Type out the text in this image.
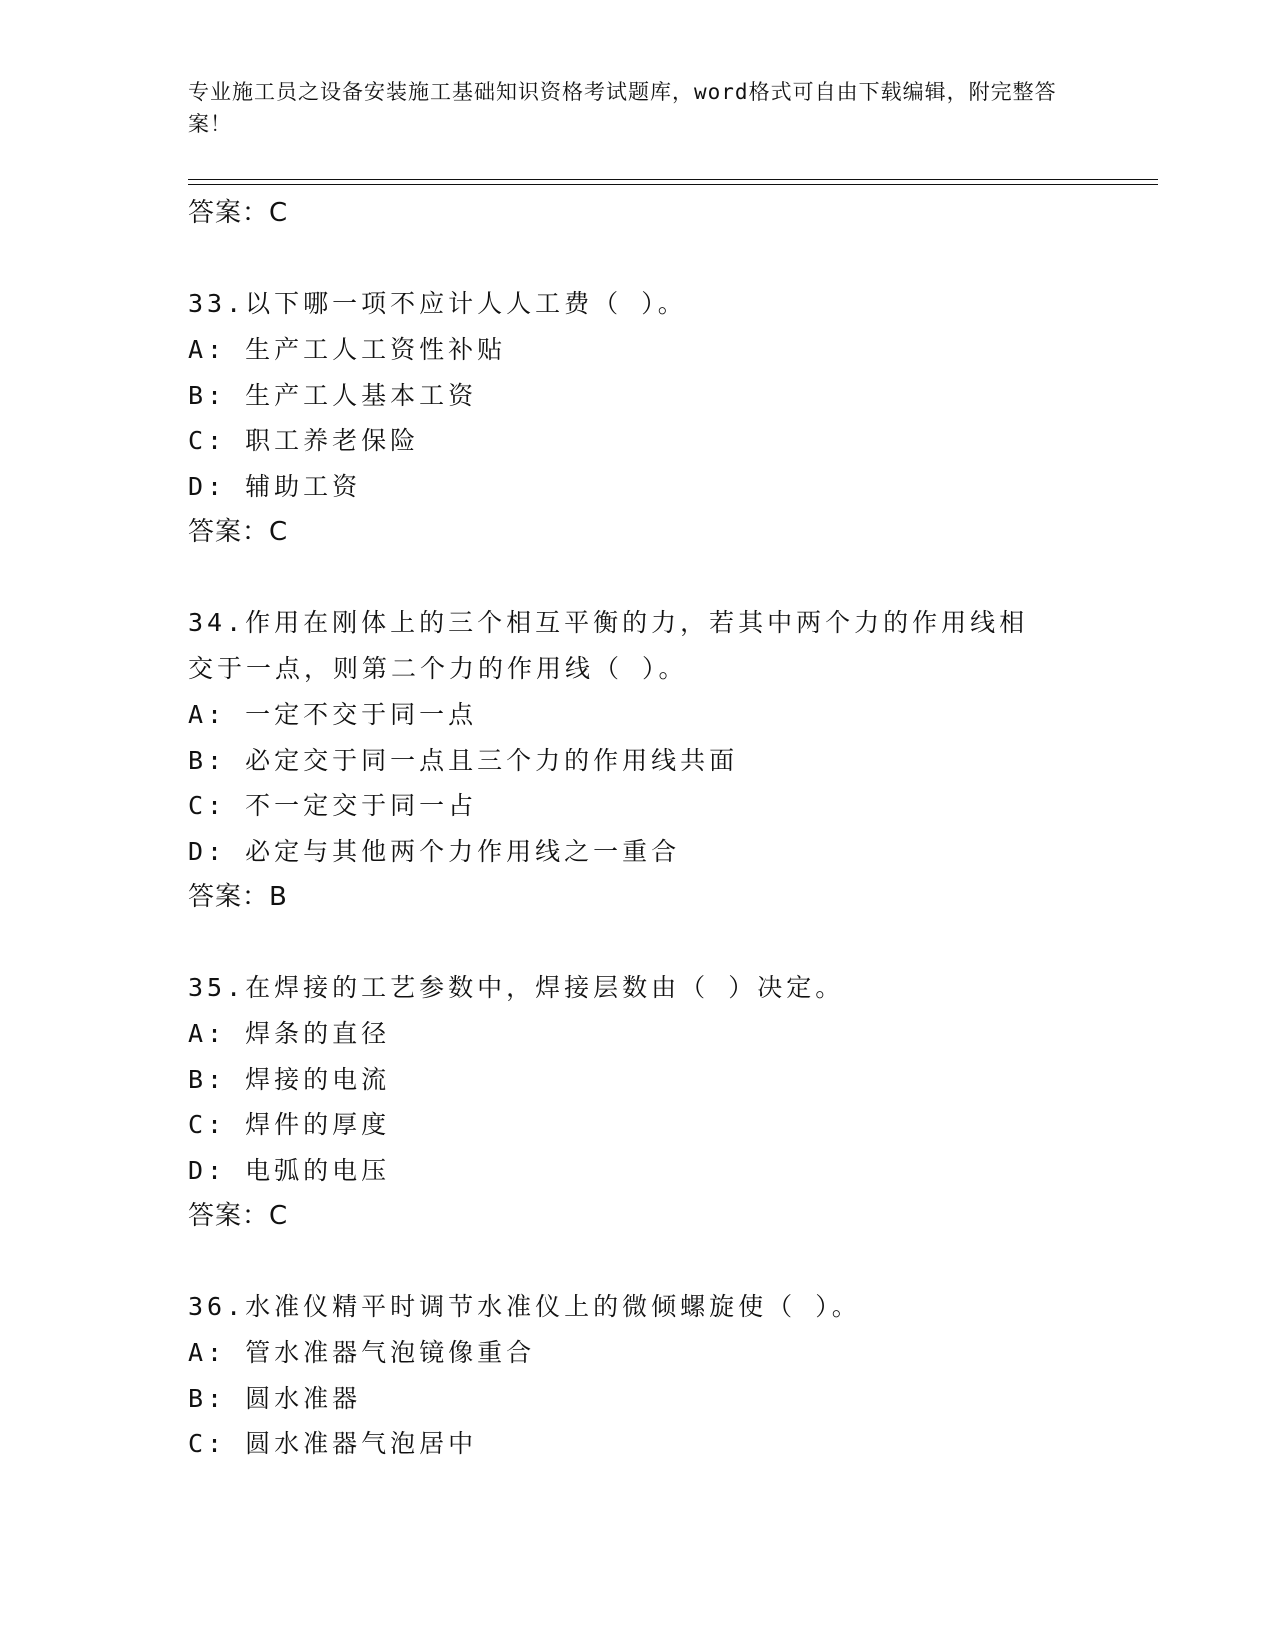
专业施工员之设备安装施工基础知识资格考试题库，word格式可自由下载编辑，附完整答案！
答案：C
33.以下哪一项不应计人人工费（ ）。
A: 生产工人工资性补贴
B: 生产工人基本工资
C: 职工养老保险
D: 辅助工资
答案：C
34.作用在刚体上的三个相互平衡的力，若其中两个力的作用线相交于一点，则第二个力的作用线（ ）。
A: 一定不交于同一点
B: 必定交于同一点且三个力的作用线共面
C: 不一定交于同一占
D: 必定与其他两个力作用线之一重合
答案：B
35.在焊接的工艺参数中，焊接层数由（ ）决定。
A: 焊条的直径
B: 焊接的电流
C: 焊件的厚度
D: 电弧的电压
答案：C
36.水准仪精平时调节水准仪上的微倾螺旋使（ ）。
A: 管水准器气泡镜像重合
B: 圆水准器
C: 圆水准器气泡居中
